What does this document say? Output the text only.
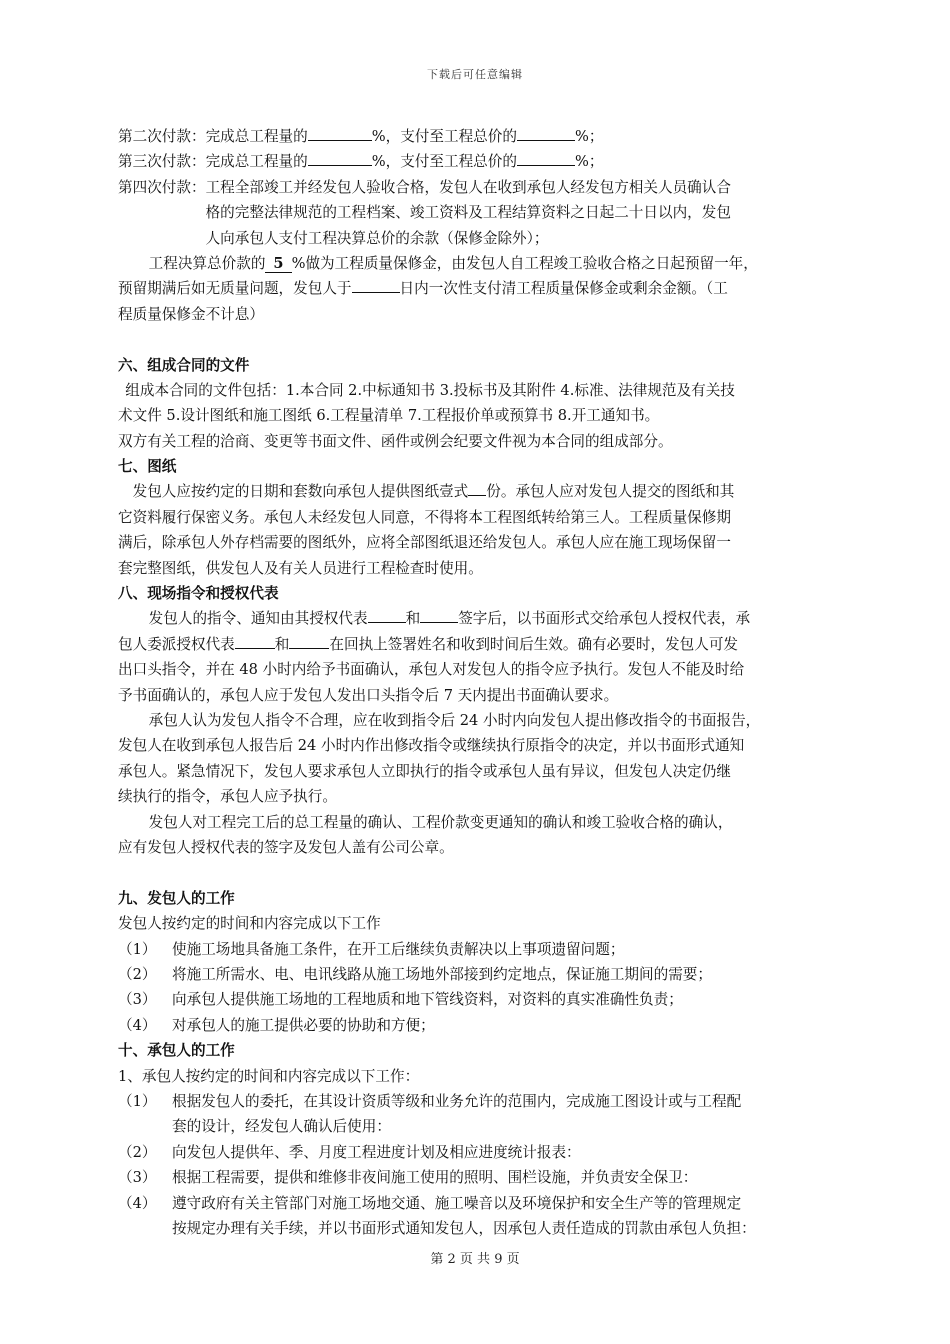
下载后可任意编辑
第二次付款：完成总工程量的	%，支付至工程总价的	%；
第三次付款：完成总工程量的	%，支付至工程总价的	%；
第四次付款： 工程全部竣工并经发包人验收合格，发包人在收到承包人经发包方相关人员确认合
格的完整法律规范的工程档案、竣工资料及工程结算资料之日起二十日以内，发包
人向承包人支付工程决算总价的余款（保修金除外）；
工程决算总价款的 5 %做为工程质量保修金，由发包人自工程竣工验收合格之日起预留一年，
预留期满后如无质量问题，发包人于	日内一次性支付清工程质量保修金或剩余金额。（工
程质量保修金不计息）
六、组成合同的文件
组成本合同的文件包括：1.本合同 2.中标通知书 3.投标书及其附件 4.标准、法律规范及有关技
术文件 5.设计图纸和施工图纸 6.工程量清单 7.工程报价单或预算书 8.开工通知书。
双方有关工程的洽商、变更等书面文件、函件或例会纪要文件视为本合同的组成部分。
七、图纸
发包人应按约定的日期和套数向承包人提供图纸壹式 份。承包人应对发包人提交的图纸和其
它资料履行保密义务。承包人未经发包人同意，不得将本工程图纸转给第三人。工程质量保修期
满后，除承包人外存档需要的图纸外，应将全部图纸退还给发包人。承包人应在施工现场保留一
套完整图纸，供发包人及有关人员进行工程检查时使用。
八、现场指令和授权代表
发包人的指令、通知由其授权代表	和	签字后，以书面形式交给承包人授权代表，承
包人委派授权代表	和	在回执上签署姓名和收到时间后生效。确有必要时，发包人可发
出口头指令，并在 48 小时内给予书面确认，承包人对发包人的指令应予执行。发包人不能及时给
予书面确认的，承包人应于发包人发出口头指令后 7 天内提出书面确认要求。
承包人认为发包人指令不合理，应在收到指令后 24 小时内向发包人提出修改指令的书面报告，
发包人在收到承包人报告后 24 小时内作出修改指令或继续执行原指令的决定，并以书面形式通知
承包人。紧急情况下，发包人要求承包人立即执行的指令或承包人虽有异议，但发包人决定仍继
续执行的指令，承包人应予执行。
发包人对工程完工后的总工程量的确认、工程价款变更通知的确认和竣工验收合格的确认，
应有发包人授权代表的签字及发包人盖有公司公章。
九、发包人的工作
发包人按约定的时间和内容完成以下工作
（1）	使施工场地具备施工条件，在开工后继续负责解决以上事项遗留问题；
（2）	将施工所需水、电、电讯线路从施工场地外部接到约定地点，保证施工期间的需要；
（3）	向承包人提供施工场地的工程地质和地下管线资料，对资料的真实准确性负责；
（4）	对承包人的施工提供必要的协助和方便；
十、承包人的工作
1、承包人按约定的时间和内容完成以下工作：
（1）	根据发包人的委托，在其设计资质等级和业务允许的范围内，完成施工图设计或与工程配
套的设计，经发包人确认后使用：
（2）	向发包人提供年、季、月度工程进度计划及相应进度统计报表：
（3）	根据工程需要，提供和维修非夜间施工使用的照明、围栏设施，并负责安全保卫：
（4）	遵守政府有关主管部门对施工场地交通、施工噪音以及环境保护和安全生产等的管理规定
按规定办理有关手续，并以书面形式通知发包人，因承包人责任造成的罚款由承包人负担：
第 2 页 共 9 页
